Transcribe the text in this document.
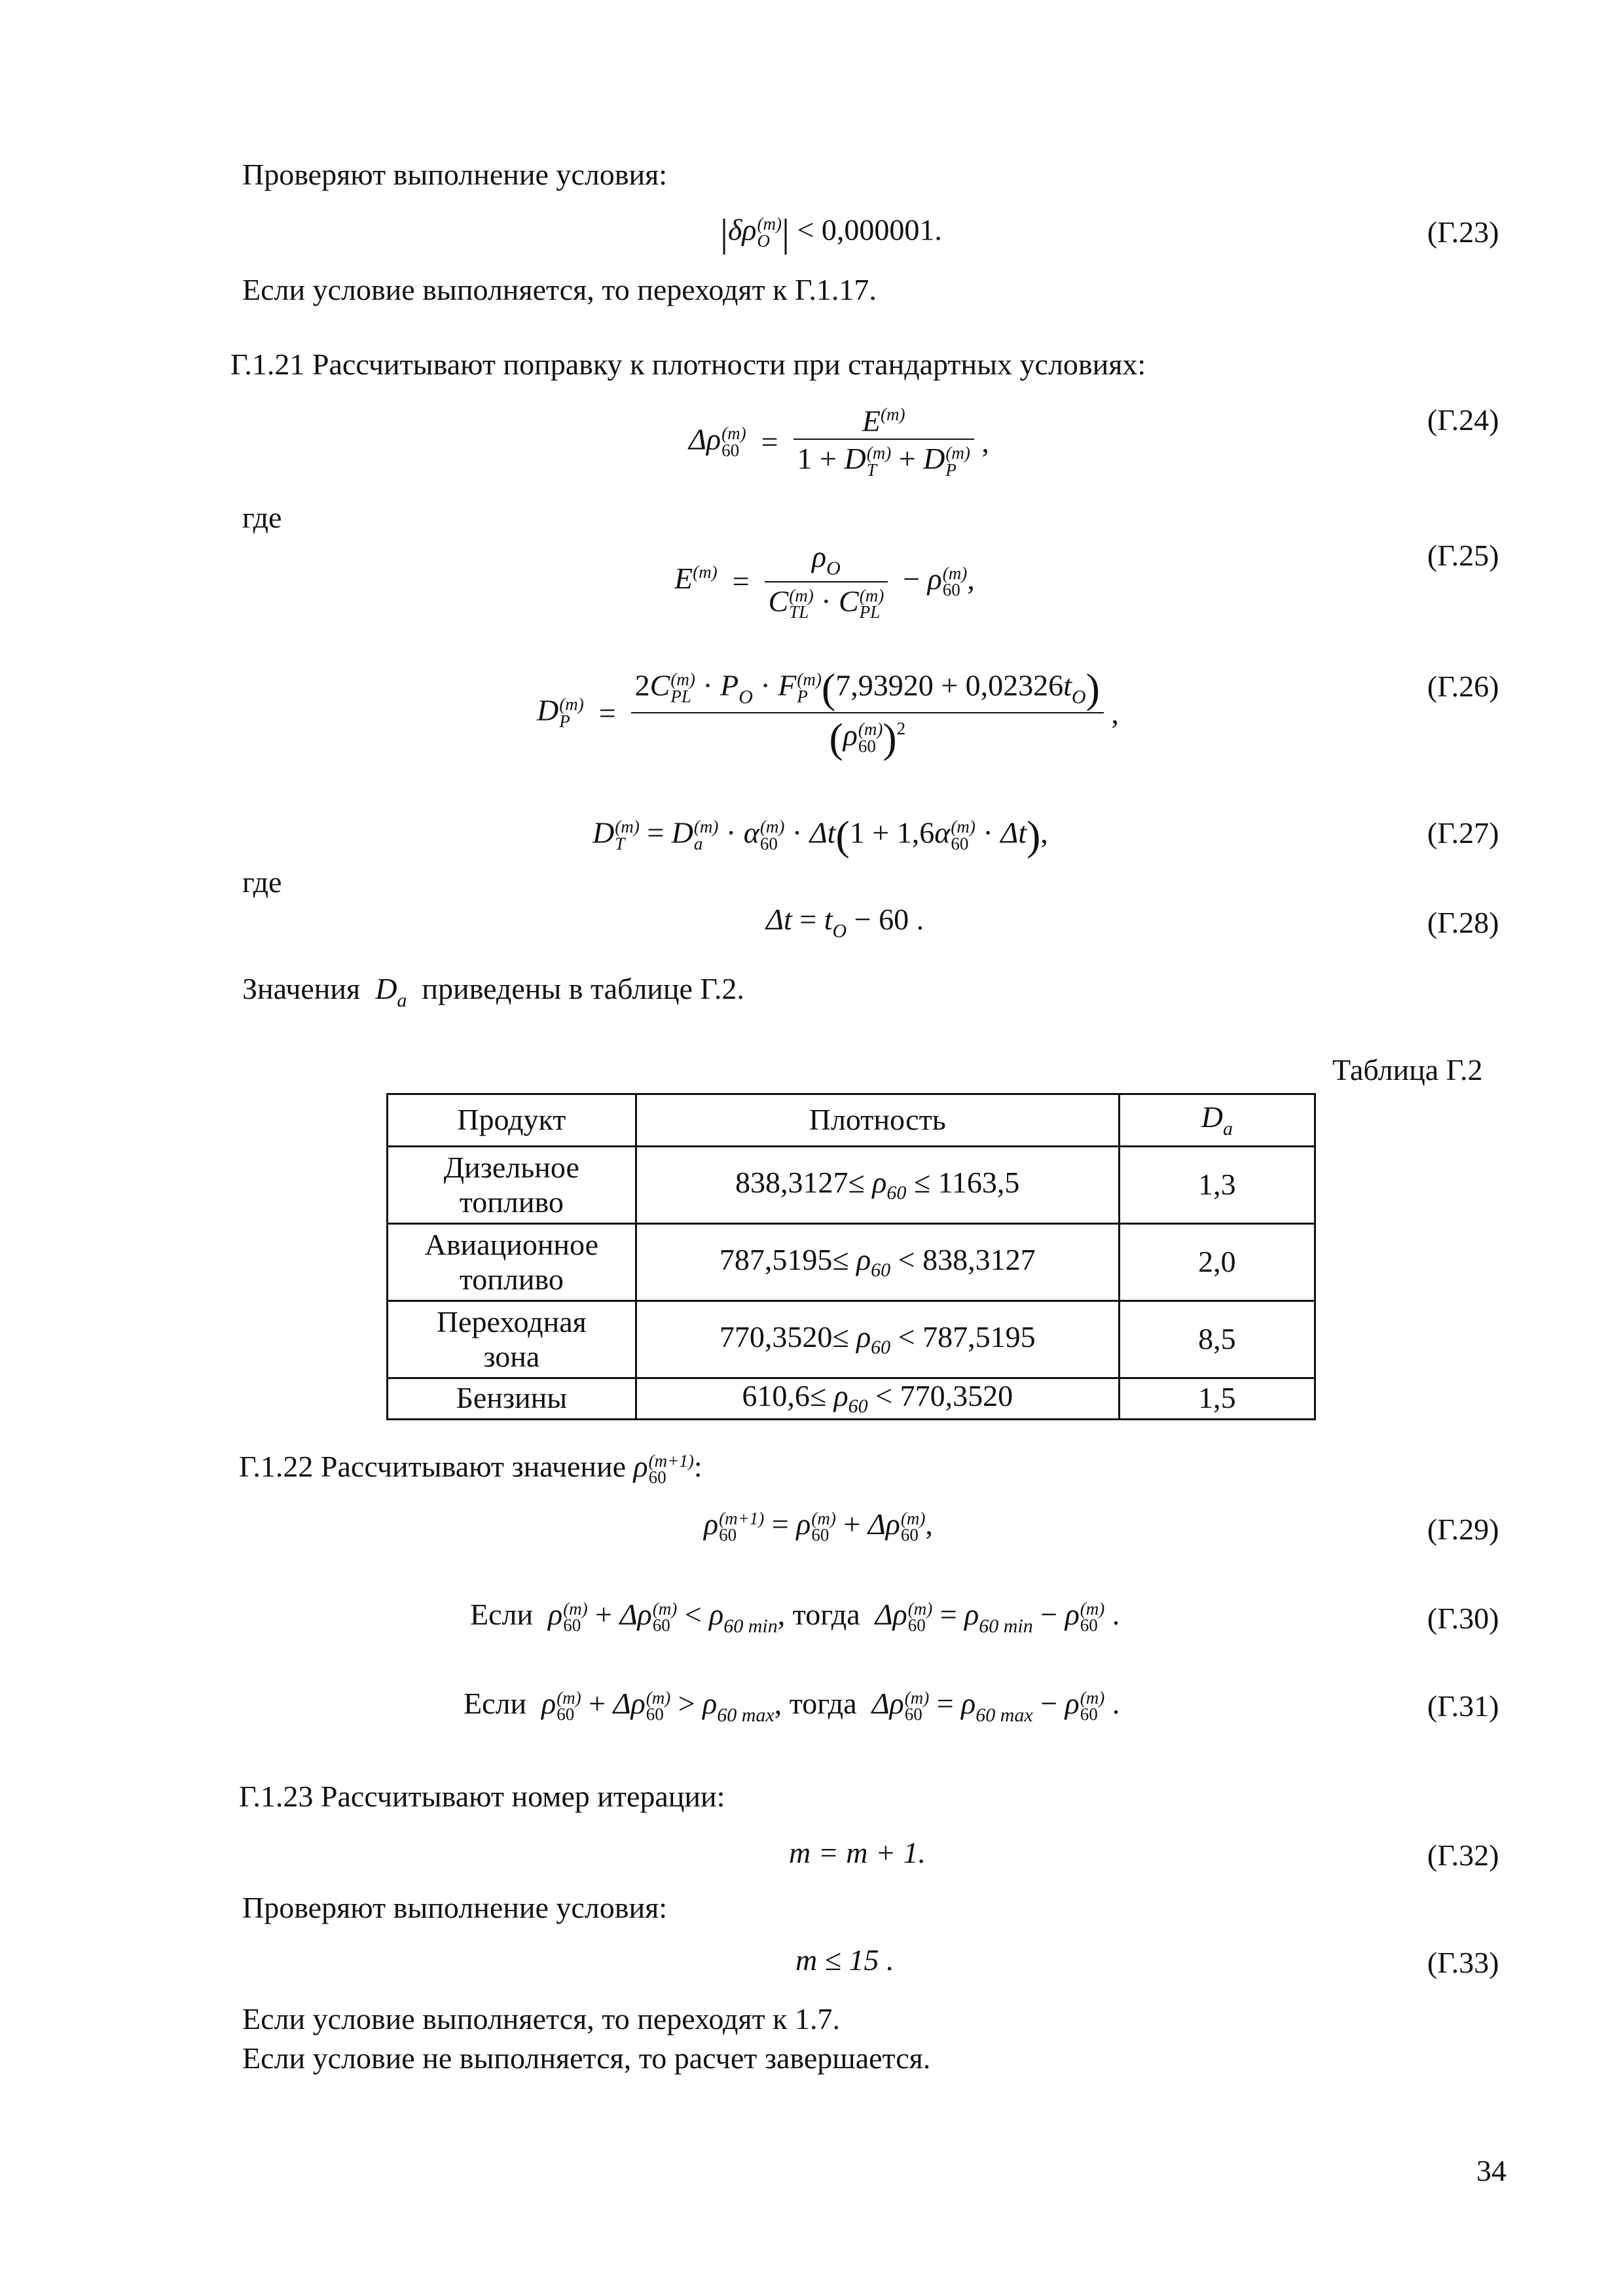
Проверяют выполнение условия:
|δρ (m)
O | < 0,000001.	(Г.23)
Если условие выполняется, то переходят к Г.1.17.
Г.1.21 Рассчитывают поправку к плотности при стандартных условиях:
Δρ (m)
$60 = E^{(m)}$
1 + D (m)
T + D (m)
P ,
(Г.24)
где
$E^{(m)} = \rho_O$
C (m)
TL · C (m)
PL − ρ (m)
60 ,
(Г.25)
D (m)
P = 2C (m)
PL · $P_O \cdot F$ (m)
P $(7,93920 + 0,02326t_O)$
(ρ (m)
60 )$^2$ ,
(Г.26)
D (m)
T = D (m)
a · α (m)
60 · Δt(1 + 1,6α (m)
60 · Δt),	(Г.27)
где
$\Delta t = t_O - 60$ .	(Г.28)
Значения $D_a$ приведены в таблице Г.2.
Таблица Г.2
Продукт	Плотность	$D_a$

Дизельное
топливо	$838,3127\le \rho_{60} \le 1163,5$	1,3

Авиационное
топливо	$787,5195\le \rho_{60} < 838,3127$	2,0

Переходная
зона	$770,3520\le \rho_{60} < 787,5195$	8,5
Бензины	$610,6\le \rho_{60} < 770,3520$	1,5
Г.1.22 Рассчитывают значение ρ (m+1)
60 :
ρ (m+1)
60 = ρ (m)
60 + Δρ (m)
60 ,	(Г.29)
Если ρ (m)
60 + Δρ (m)
$60 < \rho_{60 min}$, тогда Δρ (m)
$60 = \rho_{60 min} - \rho$ (m)
60 .	(Г.30)
Если ρ (m)
60 + Δρ (m)
$60 > \rho_{60 max}$, тогда Δρ (m)
$60 = \rho_{60 max} - \rho$ (m)
60 .	(Г.31)
Г.1.23 Рассчитывают номер итерации:
m = m + 1.	(Г.32)
Проверяют выполнение условия:
m ≤ 15 .	(Г.33)
Если условие выполняется, то переходят к 1.7.
Если условие не выполняется, то расчет завершается.
34
